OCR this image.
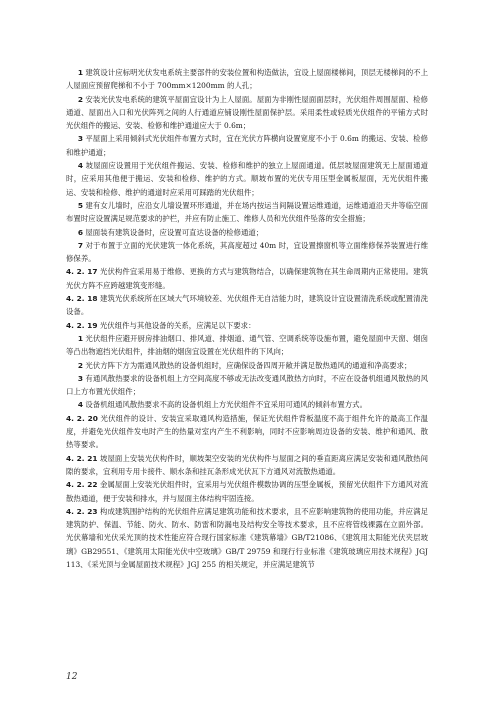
1 建筑设计应标明光伏发电系统主要部件的安装位置和构造做法，宜设上屋面楼梯间，顶层无楼梯间的不上人屋面应预留爬梯和不小于 700mm×1200mm 的人孔；

2 安装光伏发电系统的建筑平屋面宜设计为上人屋面。屋面为非刚性屋面面层时，光伏组件周围屋面、检修通道、屋面出入口和光伏阵列之间的人行通道应铺设刚性屋面保护层。采用柔性或轻质光伏组件的平铺方式时光伏组件的搬运、安装、检修和维护通道应大于 0.6m；

3 平屋面上采用倾斜式光伏组件布置方式时，宜在光伏方阵横向设置宽度不小于 0.6m 的搬运、安装、检修和维护通道；

4 坡屋面应设置用于光伏组件搬运、安装、检修和维护的独立上屋面通道。低层坡屋面建筑无上屋面通道时，应采用其他便于搬运、安装和检修、维护的方式。顺坡布置的光伏专用压型金属板屋面，无光伏组件搬运、安装和检修、维护的通道时应采用可踩踏的光伏组件；

5 建有女儿墙时，应沿女儿墙设置环形通道，并在场内按运当间隔设置运维通道，运维通道沿天井等临空面布置时应设置满足规范要求的护栏，并应有防止施工、维修人员和光伏组件坠落的安全措施；

6 屋面装有建筑设备时，应设置可直达设备的检修通道；

7 对于布置于立面的光伏建筑一体化系统，其高度超过 40m 时，宜设置擦窗机等立面维修保养装置进行维修保养。

4. 2. 17 光伏构件宜采用易于维修、更换的方式与建筑物结合，以确保建筑物在其生命周期内正常使用。建筑光伏方阵不应跨越建筑变形缝。

4. 2. 18 建筑光伏系统所在区域大气环境较差、光伏组件无自洁能力时，建筑设计宜设置清洗系统或配置清洗设备。

4. 2. 19 光伏组件与其他设备的关系，应满足以下要求：

1 光伏组件应避开厨房排油烟口、排风道、排烟道、通气管、空调系统等设施布置，避免屋面中天窗、烟囱等凸出物遮挡光伏组件，排油烟的烟囱宜设置在光伏组件的下风向；

2 光伏方阵下方为需通风散热的设备机组时，应确保设备四周开敞并满足散热通风的通道和净高要求；

3 有通风散热要求的设备机组上方空间高度不够或无法改变通风散热方向时，不应在设备机组通风散热的风口上方布置光伏组件；

4 设备机组通风散热要求不高的设备机组上方光伏组件不宜采用可通风的倾斜布置方式。

4. 2. 20 光伏组件的设计、安装宜采取通风构造措施，保证光伏组件背板温度不高于组件允许的最高工作温度，并避免光伏组件发电时产生的热量对室内产生不利影响，同时不应影响周边设备的安装、维护和通风、散热等要求。

4. 2. 21 坡屋面上安装光伏构件时，顺坡架空安装的光伏构件与屋面之间的垂直距离应满足安装和通风散热间隙的要求，宜利用专用卡接件、顺水条和挂瓦条形成光伏瓦下方通风对流散热通道。

4. 2. 22 金属屋面上安装光伏组件时，宜采用与光伏组件模数协调的压型金属板，预留光伏组件下方通风对流散热通道，便于安装和排水，并与屋面主体结构牢固连接。

4. 2. 23 构成建筑围护结构的光伏组件应满足建筑功能和技术要求，且不应影响建筑物的使用功能，并应满足建筑防护、保温、节能、防火、防水、防雷和防漏电及结构安全等技术要求，且不应将管线裸露在立面外部。光伏幕墙和光伏采光顶的技术性能应符合现行国家标准《建筑幕墙》GB/T21086、《建筑用太阳能光伏夹层玻璃》GB29551、《建筑用太阳能光伏中空玻璃》GB/T 29759 和现行行业标准《建筑玻璃应用技术规程》JGJ 113、《采光顶与金属屋面技术规程》JGJ 255 的相关规定，并应满足建筑节

12
